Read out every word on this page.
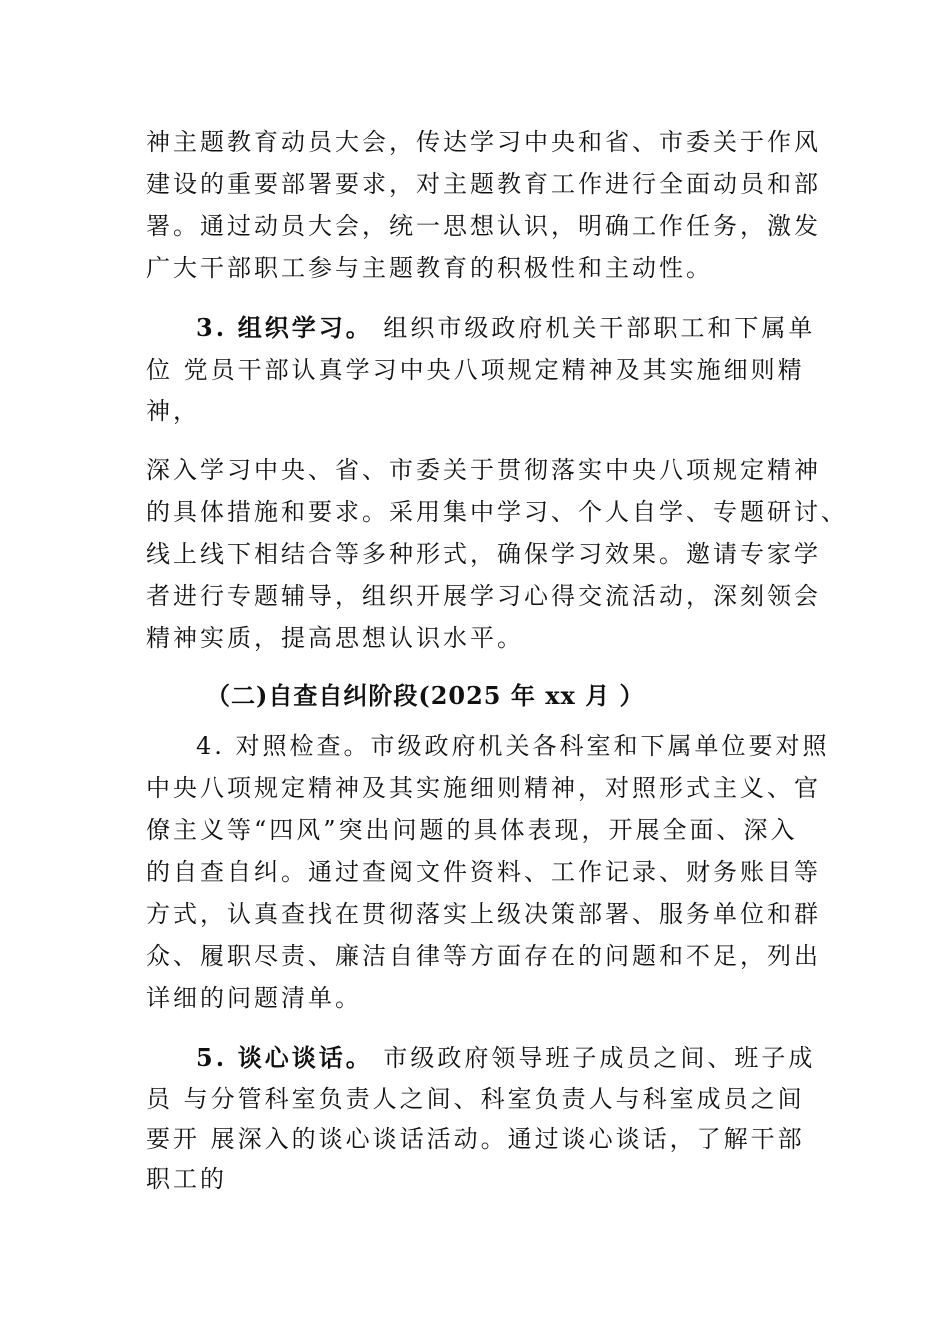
神主题教育动员大会，传达学习中央和省、市委关于作风

建设的重要部署要求，对主题教育工作进行全面动员和部

署。通过动员大会，统一思想认识，明确工作任务，激发

广大干部职工参与主题教育的积极性和主动性。

3. 组织学习。 组织市级政府机关干部职工和下属单

位 党员干部认真学习中央八项规定精神及其实施细则精

神，

深入学习中央、省、市委关于贯彻落实中央八项规定精神

的具体措施和要求。采用集中学习、个人自学、专题研讨、

线上线下相结合等多种形式，确保学习效果。邀请专家学

者进行专题辅导，组织开展学习心得交流活动，深刻领会

精神实质，提高思想认识水平。

（二)自查自纠阶段(2025 年 xx 月 ）

4. 对照检查。市级政府机关各科室和下属单位要对照

中央八项规定精神及其实施细则精神，对照形式主义、官

僚主义等“四风”突出问题的具体表现，开展全面、深入

的自查自纠。通过查阅文件资料、工作记录、财务账目等

方式，认真查找在贯彻落实上级决策部署、服务单位和群

众、履职尽责、廉洁自律等方面存在的问题和不足，列出

详细的问题清单。

5. 谈心谈话。 市级政府领导班子成员之间、班子成

员 与分管科室负责人之间、科室负责人与科室成员之间

要开 展深入的谈心谈话活动。通过谈心谈话，了解干部

职工的
